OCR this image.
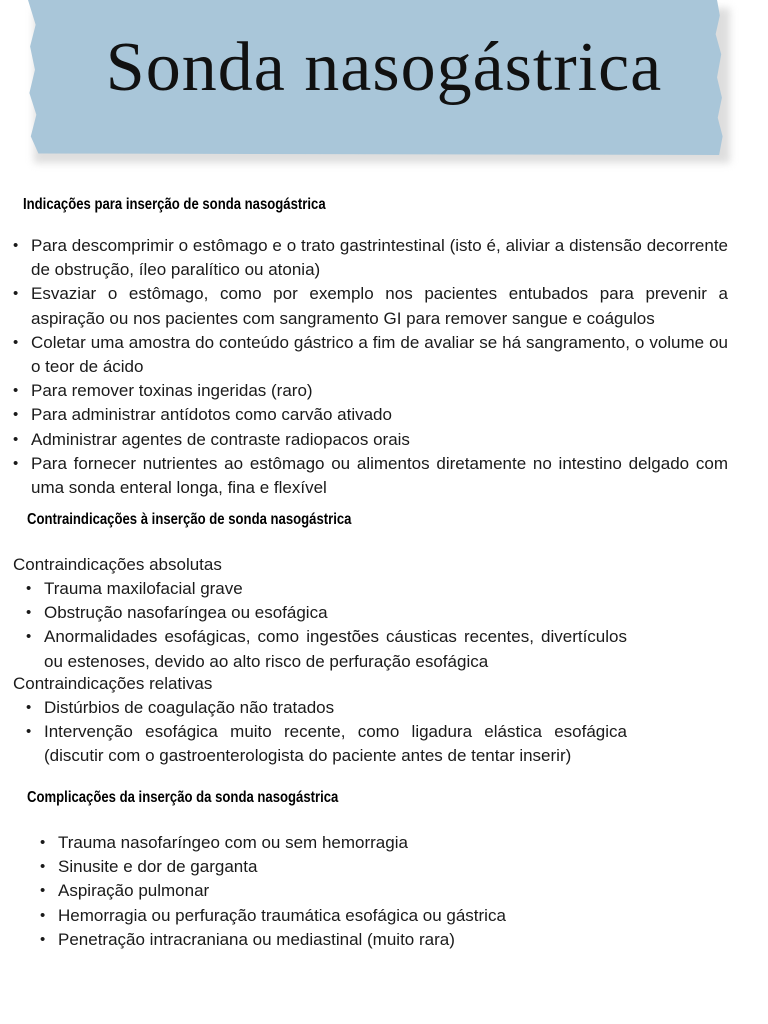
Sonda nasogástrica
Indicações para inserção de sonda nasogástrica
• Para descomprimir o estômago e o trato gastrintestinal (isto é, aliviar a distensão decorrente de obstrução, íleo paralítico ou atonia)
• Esvaziar o estômago, como por exemplo nos pacientes entubados para prevenir a aspiração ou nos pacientes com sangramento GI para remover sangue e coágulos
• Coletar uma amostra do conteúdo gástrico a fim de avaliar se há sangramento, o volume ou o teor de ácido
• Para remover toxinas ingeridas (raro)
• Para administrar antídotos como carvão ativado
• Administrar agentes de contraste radiopacos orais
• Para fornecer nutrientes ao estômago ou alimentos diretamente no intestino delgado com uma sonda enteral longa, fina e flexível
Contraindicações à inserção de sonda nasogástrica

Contraindicações absolutas

• Trauma maxilofacial grave
• Obstrução nasofaríngea ou esofágica
• Anormalidades esofágicas, como ingestões cáusticas recentes, divertículos ou estenoses, devido ao alto risco de perfuração esofágica

Contraindicações relativas

• Distúrbios de coagulação não tratados
• Intervenção esofágica muito recente, como ligadura elástica esofágica (discutir com o gastroenterologista do paciente antes de tentar inserir)
Complicações da inserção da sonda nasogástrica
• Trauma nasofaríngeo com ou sem hemorragia
• Sinusite e dor de garganta
• Aspiração pulmonar
• Hemorragia ou perfuração traumática esofágica ou gástrica
• Penetração intracraniana ou mediastinal (muito rara)
